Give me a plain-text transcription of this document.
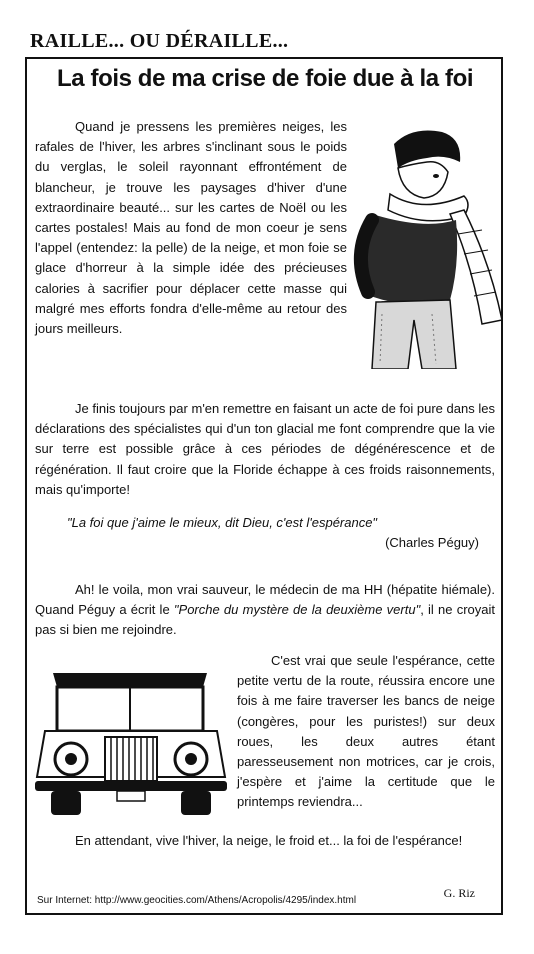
RAILLE... OU DÉRAILLE...
La fois de ma crise de foie due à la foi

Quand je pressens les premières neiges, les rafales de l'hiver, les arbres s'inclinant sous le poids du verglas, le soleil rayonnant effrontément de blancheur, je trouve les paysages d'hiver d'une extraordinaire beauté... sur les cartes de Noël ou les cartes postales! Mais au fond de mon coeur je sens l'appel (entendez: la pelle) de la neige, et mon foie se glace d'horreur à la simple idée des précieuses calories à sacrifier pour déplacer cette masse qui malgré mes efforts fondra d'elle-même au retour des jours meilleurs.

Je finis toujours par m'en remettre en faisant un acte de foi pure dans les déclarations des spécialistes qui d'un ton glacial me font comprendre que la vie sur terre est possible grâce à ces périodes de dégénérescence et de régénération. Il faut croire que la Floride échappe à ces froids raisonnements, mais qu'importe!

"La foi que j'aime le mieux, dit Dieu, c'est l'espérance"
(Charles Péguy)

Ah! le voila, mon vrai sauveur, le médecin de ma HH (hépatite hiémale). Quand Péguy a écrit le "Porche du mystère de la deuxième vertu", il ne croyait pas si bien me rejoindre.

C'est vrai que seule l'espérance, cette petite vertu de la route, réussira encore une fois à me faire traverser les bancs de neige (congères, pour les puristes!) sur deux roues, les deux autres étant paresseusement non motrices, car je crois, j'espère et j'aime la certitude que le printemps reviendra...

En attendant, vive l'hiver, la neige, le froid et... la foi de l'espérance!

Sur Internet: http://www.geocities.com/Athens/Acropolis/4295/index.html
G. Riz
